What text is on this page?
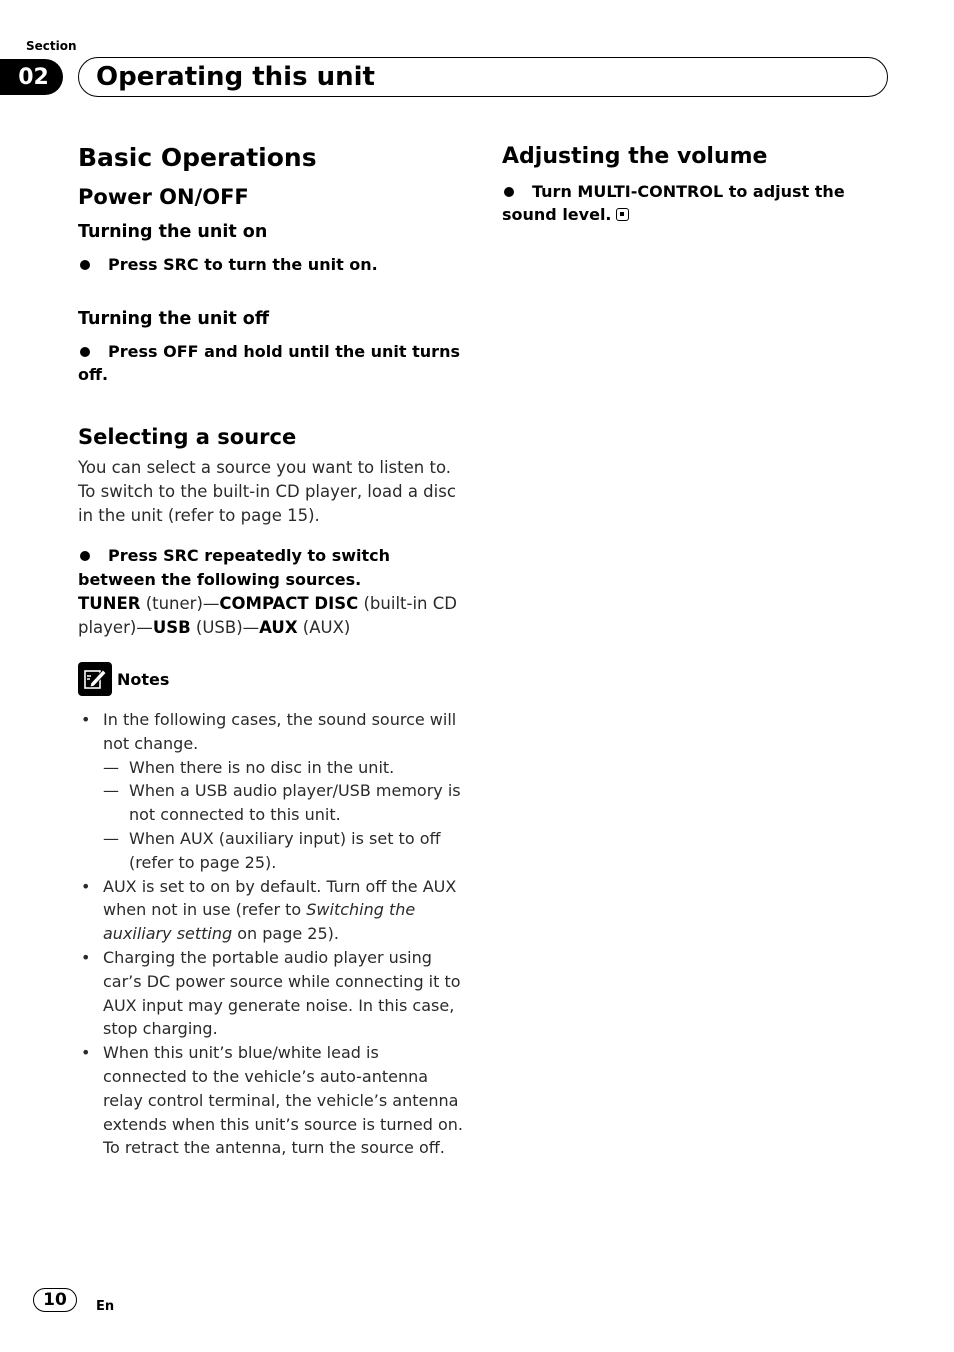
Section
02	Operating this unit
Basic Operations
Power ON/OFF
Turning the unit on

Press SRC to turn the unit on.

Turning the unit off

Press OFF and hold until the unit turns off.

Selecting a source

You can select a source you want to listen to. To switch to the built-in CD player, load a disc in the unit (refer to page 15).

Press SRC repeatedly to switch between the following sources.

TUNER (tuner)—COMPACT DISC (built-in CD player)—USB (USB)—AUX (AUX)

Notes
• In the following cases, the sound source will not change.
— When there is no disc in the unit.
— When a USB audio player/USB memory is not connected to this unit.
— When AUX (auxiliary input) is set to off (refer to page 25).
• AUX is set to on by default. Turn off the AUX when not in use (refer to Switching the auxiliary setting on page 25).
• Charging the portable audio player using car’s DC power source while connecting it to AUX input may generate noise. In this case, stop charging.
• When this unit’s blue/white lead is connected to the vehicle’s auto-antenna relay control terminal, the vehicle’s antenna extends when this unit’s source is turned on. To retract the antenna, turn the source off.
Adjusting the volume

Turn MULTI-CONTROL to adjust the sound level.

10	En
